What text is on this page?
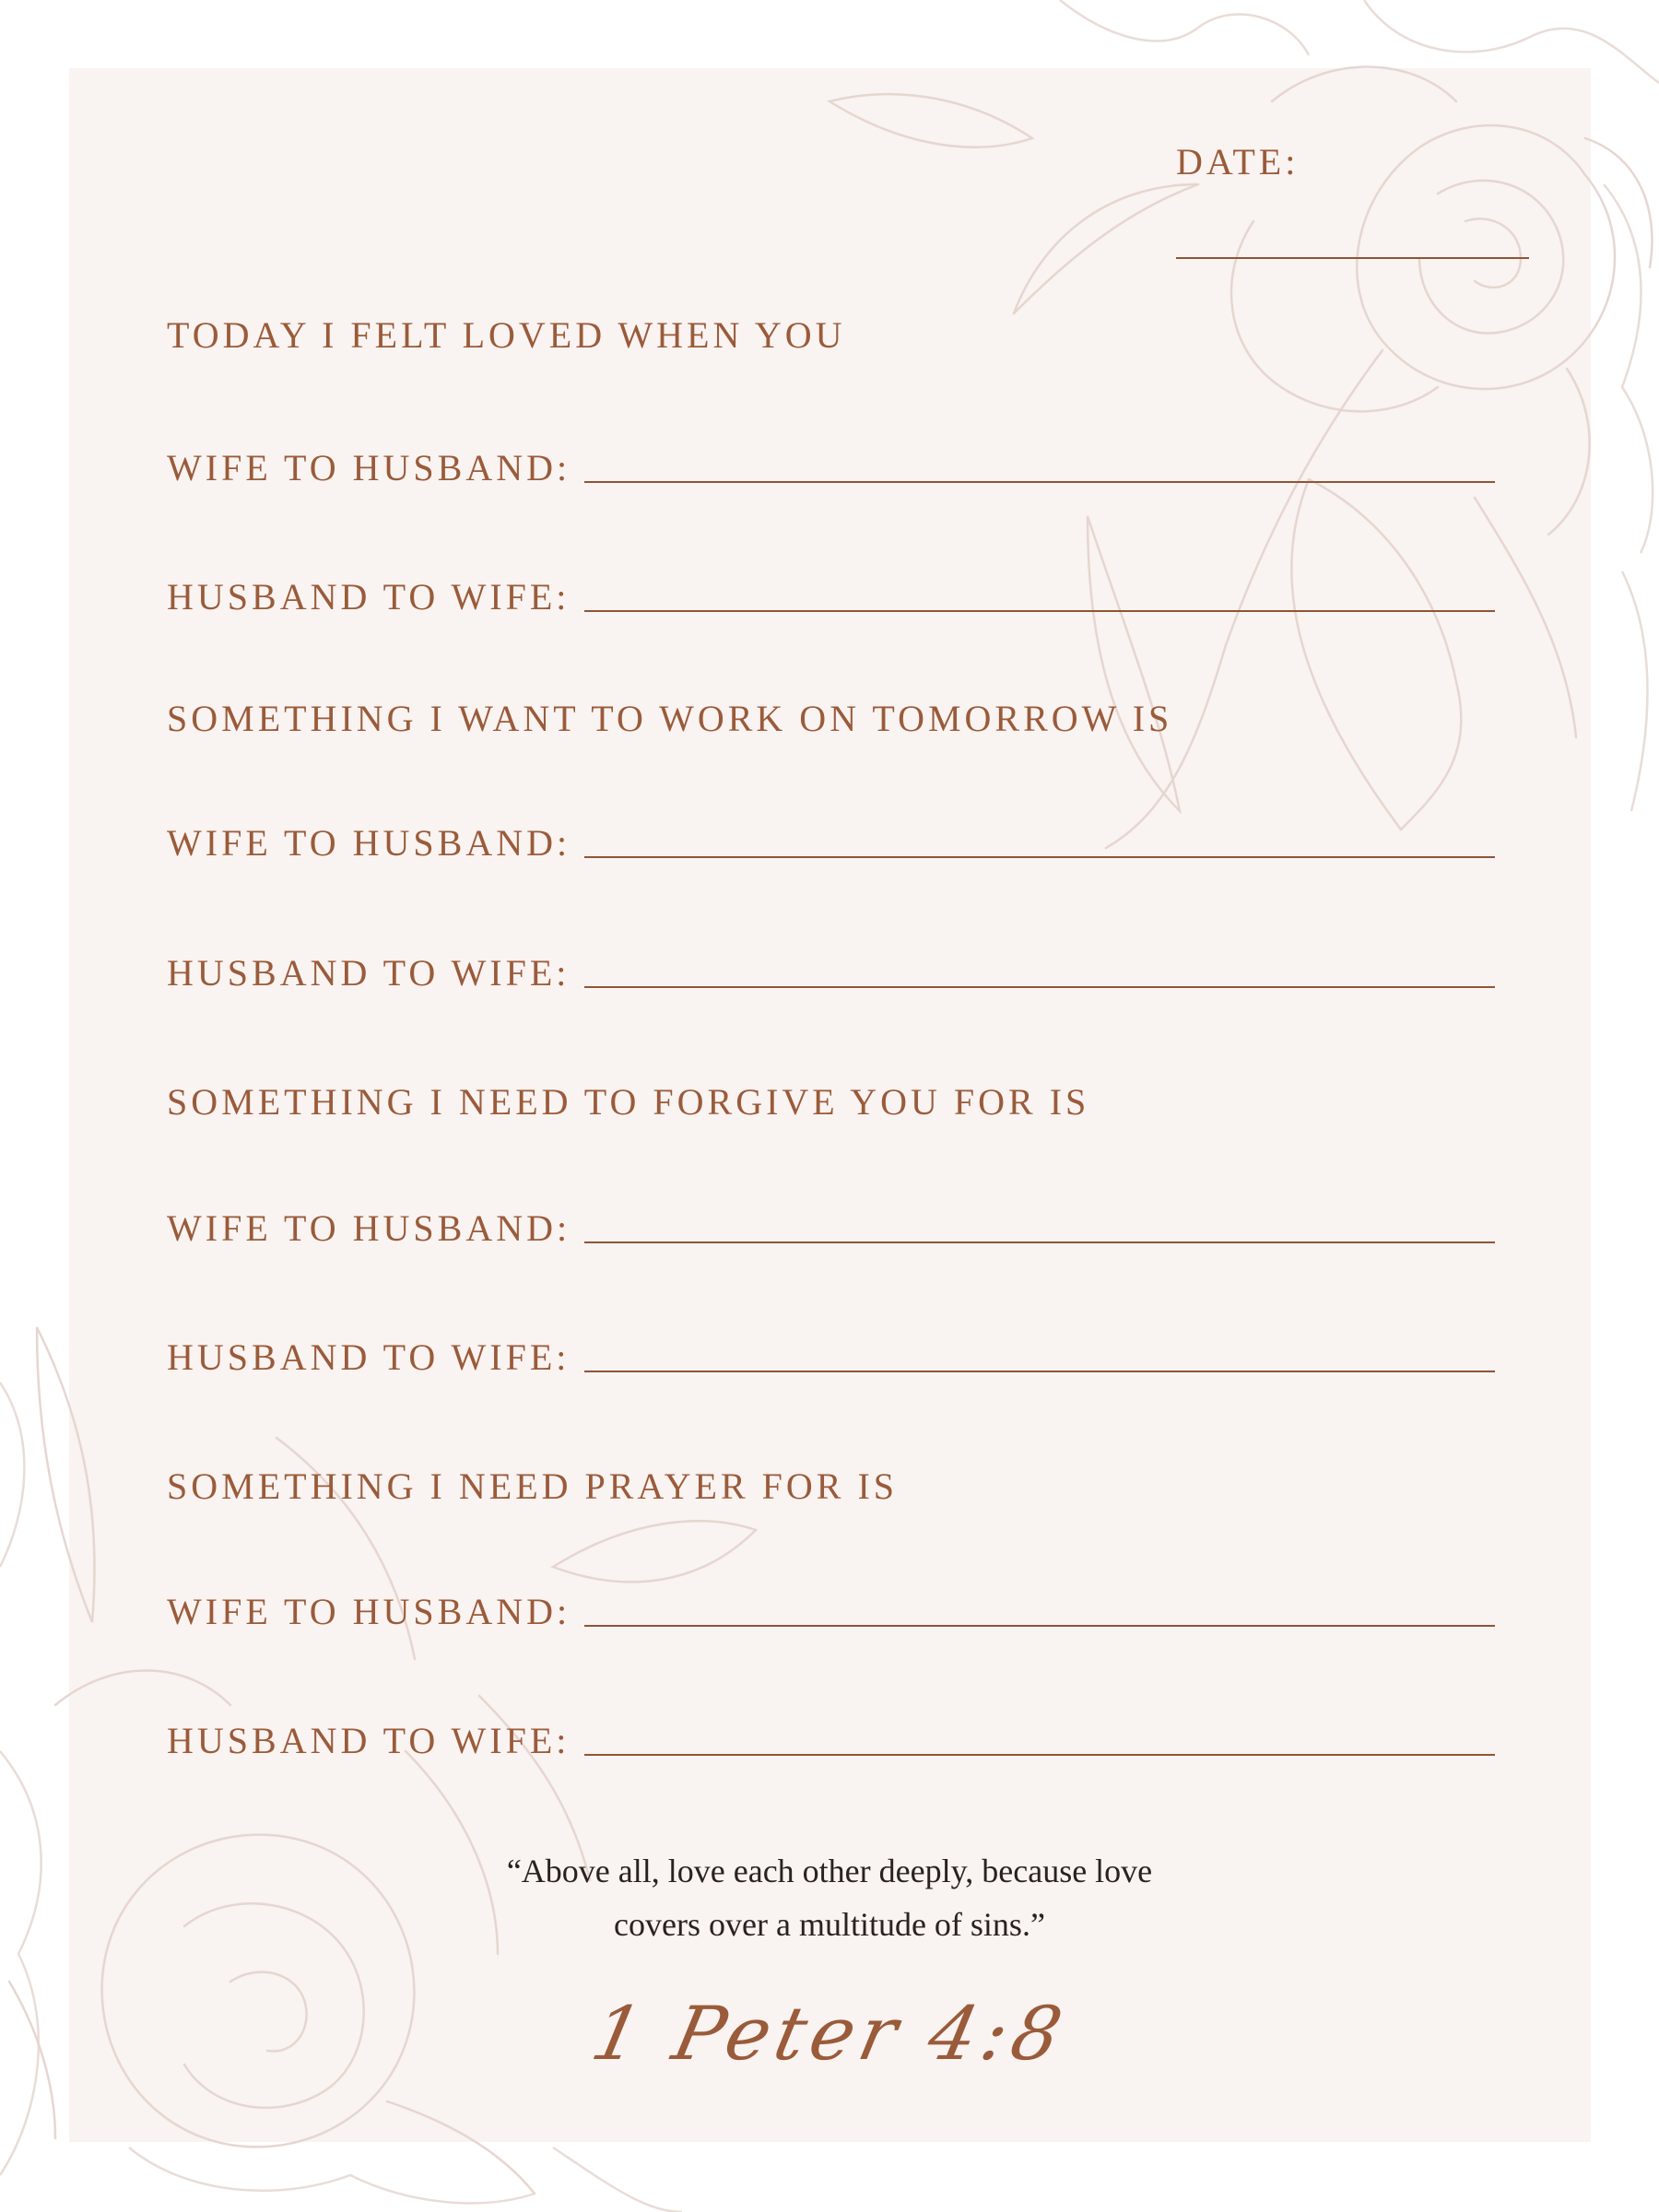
DATE:
TODAY I FELT LOVED WHEN YOU
WIFE TO HUSBAND:
HUSBAND TO WIFE:
SOMETHING I WANT TO WORK ON TOMORROW IS
WIFE TO HUSBAND:
HUSBAND TO WIFE:
SOMETHING I NEED TO FORGIVE YOU FOR IS
WIFE TO HUSBAND:
HUSBAND TO WIFE:
SOMETHING I NEED PRAYER FOR IS
WIFE TO HUSBAND:
HUSBAND TO WIFE:
“Above all, love each other deeply, because love
covers over a multitude of sins.”
1 Peter 4:8
